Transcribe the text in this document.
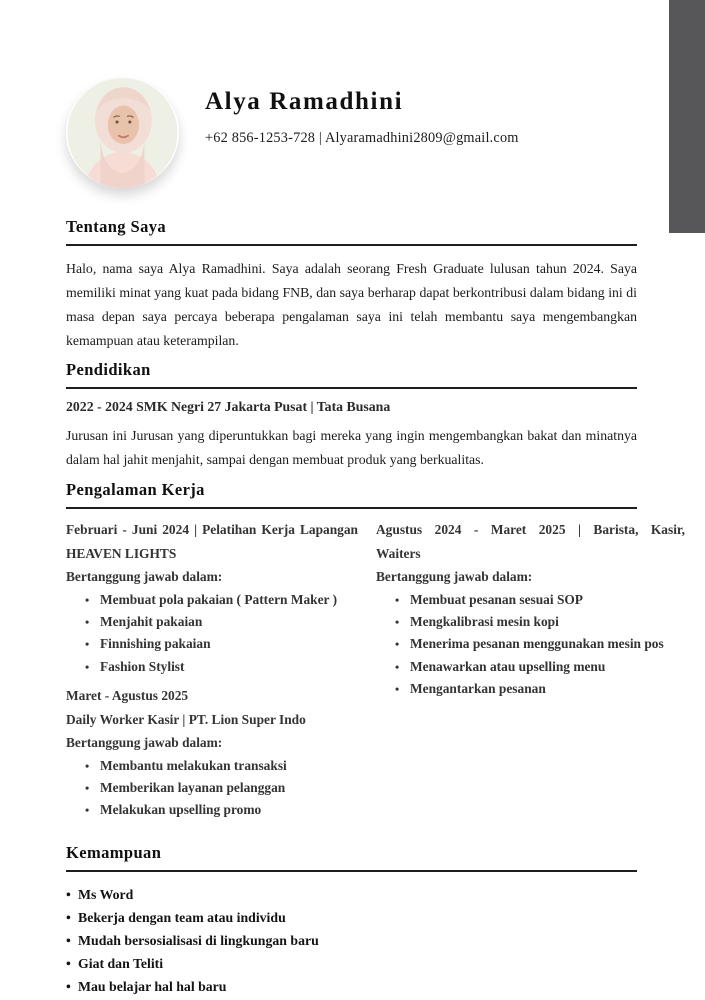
Alya Ramadhini
+62 856-1253-728 | Alyaramadhini2809@gmail.com
Tentang Saya
Halo, nama saya Alya Ramadhini. Saya adalah seorang Fresh Graduate lulusan tahun 2024. Saya memiliki minat yang kuat pada bidang FNB, dan saya berharap dapat berkontribusi dalam bidang ini di masa depan saya percaya beberapa pengalaman saya ini telah membantu saya mengembangkan kemampuan atau keterampilan.
Pendidikan
2022 - 2024 SMK Negri 27 Jakarta Pusat | Tata Busana
Jurusan ini Jurusan yang diperuntukkan bagi mereka yang ingin mengembangkan bakat dan minatnya dalam hal jahit menjahit, sampai dengan membuat produk yang berkualitas.
Pengalaman Kerja
Februari - Juni 2024 | Pelatihan Kerja Lapangan
HEAVEN LIGHTS
Bertanggung jawab dalam:
• Membuat pola pakaian ( Pattern Maker )
• Menjahit pakaian
• Finnishing pakaian
• Fashion Stylist
Maret - Agustus 2025
Daily Worker Kasir | PT. Lion Super Indo
Bertanggung jawab dalam:
• Membantu melakukan transaksi
• Memberikan layanan pelanggan
• Melakukan upselling promo
Agustus 2024 - Maret 2025 | Barista, Kasir,
Waiters
Bertanggung jawab dalam:
• Membuat pesanan sesuai SOP
• Mengkalibrasi mesin kopi
• Menerima pesanan menggunakan mesin pos
• Menawarkan atau upselling menu
• Mengantarkan pesanan
Kemampuan
• Ms Word
• Bekerja dengan team atau individu
• Mudah bersosialisasi di lingkungan baru
• Giat dan Teliti
• Mau belajar hal hal baru
